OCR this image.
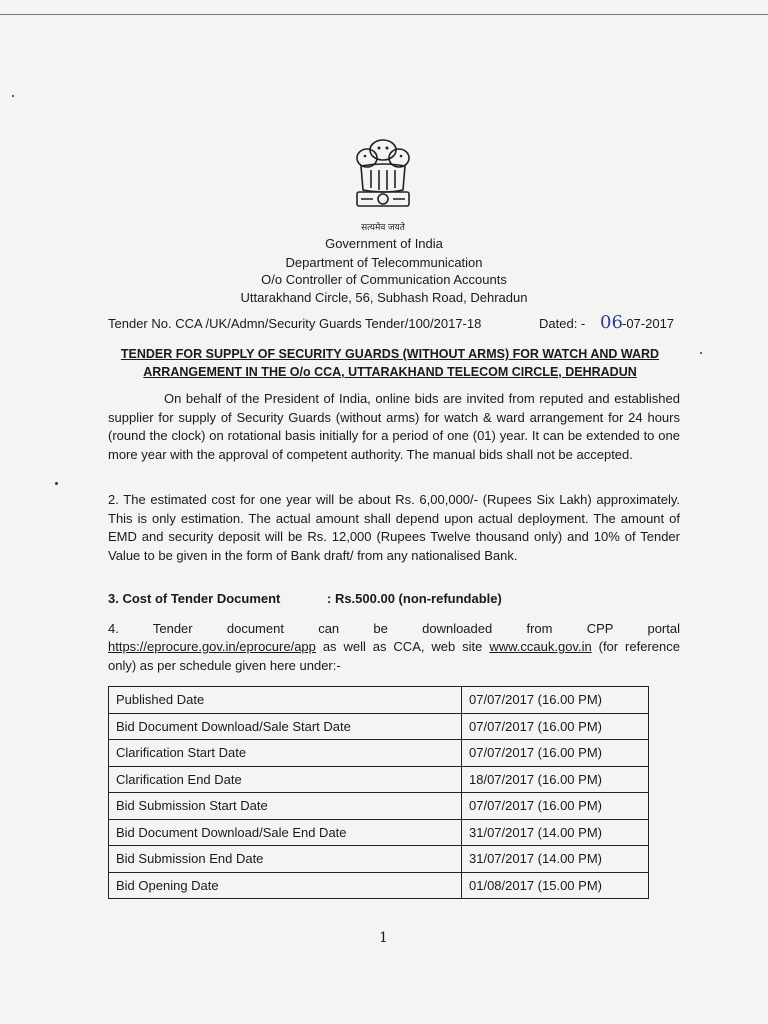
सत्यमेव जयते
Government of India
Department of Telecommunication
O/o Controller of Communication Accounts
Uttarakhand Circle, 56, Subhash Road, Dehradun
Tender No. CCA /UK/Admn/Security Guards Tender/100/2017-18	Dated: - 06 -07-2017
TENDER FOR SUPPLY OF SECURITY GUARDS (WITHOUT ARMS) FOR WATCH AND WARD
ARRANGEMENT IN THE O/o CCA, UTTARAKHAND TELECOM CIRCLE, DEHRADUN

On behalf of the President of India, online bids are invited from reputed and established supplier for supply of Security Guards (without arms) for watch & ward arrangement for 24 hours (round the clock) on rotational basis initially for a period of one (01) year. It can be extended to one more year with the approval of competent authority. The manual bids shall not be accepted.

2. The estimated cost for one year will be about Rs. 6,00,000/- (Rupees Six Lakh) approximately. This is only estimation. The actual amount shall depend upon actual deployment. The amount of EMD and security deposit will be Rs. 12,000 (Rupees Twelve thousand only) and 10% of Tender Value to be given in the form of Bank draft/ from any nationalised Bank.

3. Cost of Tender Document	: Rs.500.00 (non-refundable)

4. Tender document can be downloaded from CPP portal

https://eprocure.gov.in/eprocure/app as well as CCA, web site www.ccauk.gov.in (for reference only) as per schedule given here under:-

Published Date	07/07/2017 (16.00 PM)
Bid Document Download/Sale Start Date	07/07/2017 (16.00 PM)
Clarification Start Date	07/07/2017 (16.00 PM)
Clarification End Date	18/07/2017 (16.00 PM)
Bid Submission Start Date	07/07/2017 (16.00 PM)
Bid Document Download/Sale End Date	31/07/2017 (14.00 PM)
Bid Submission End Date	31/07/2017 (14.00 PM)
Bid Opening Date	01/08/2017 (15.00 PM)
1
